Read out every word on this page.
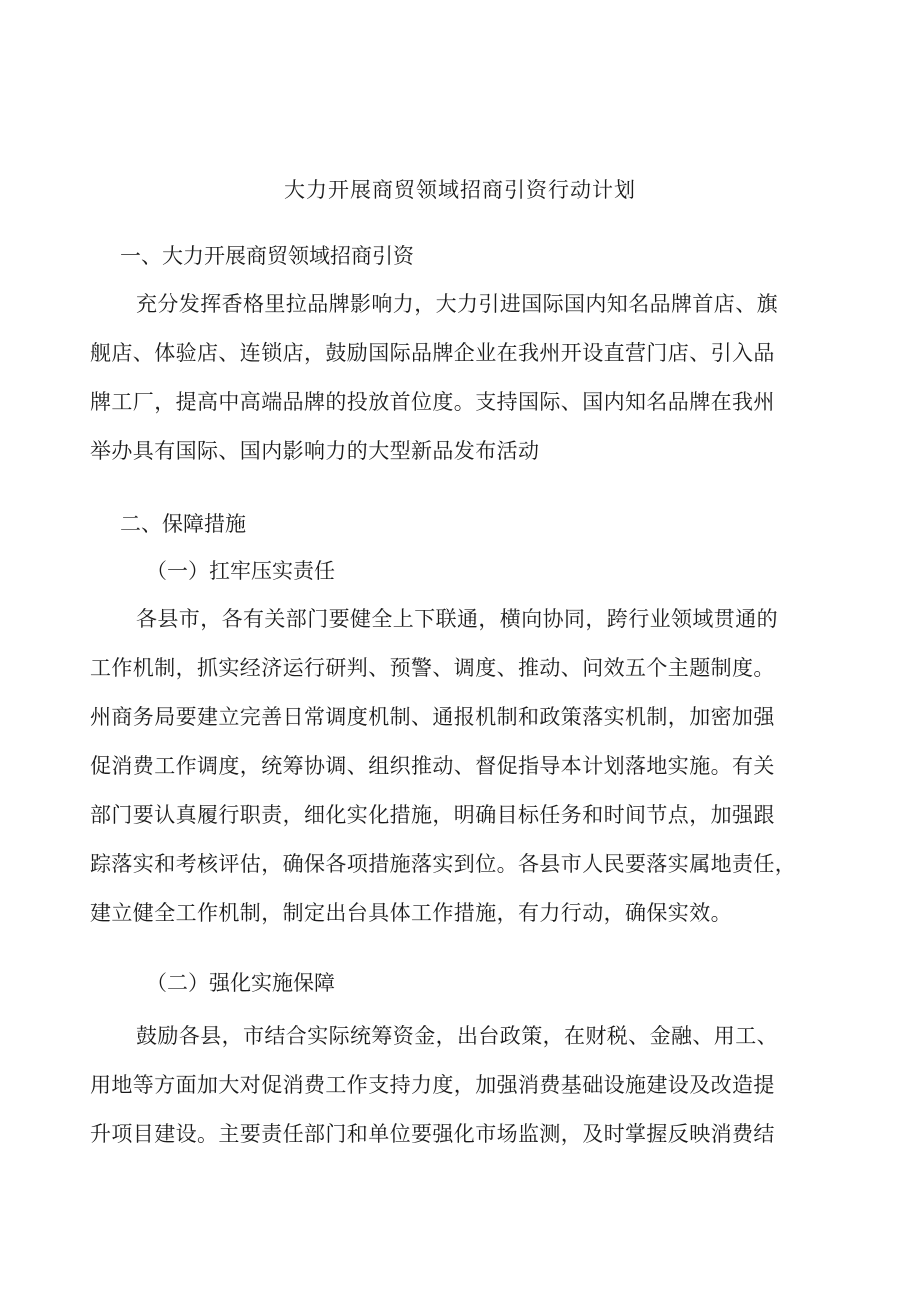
大力开展商贸领域招商引资行动计划
一、大力开展商贸领域招商引资

充分发挥香格里拉品牌影响力，大力引进国际国内知名品牌首店、旗

舰店、体验店、连锁店，鼓励国际品牌企业在我州开设直营门店、引入品

牌工厂，提高中高端品牌的投放首位度。支持国际、国内知名品牌在我州

举办具有国际、国内影响力的大型新品发布活动

二、保障措施
（一）扛牢压实责任

各县市，各有关部门要健全上下联通，横向协同，跨行业领域贯通的

工作机制，抓实经济运行研判、预警、调度、推动、问效五个主题制度。

州商务局要建立完善日常调度机制、通报机制和政策落实机制，加密加强

促消费工作调度，统筹协调、组织推动、督促指导本计划落地实施。有关

部门要认真履行职责，细化实化措施，明确目标任务和时间节点，加强跟

踪落实和考核评估，确保各项措施落实到位。各县市人民要落实属地责任，

建立健全工作机制，制定出台具体工作措施，有力行动，确保实效。

（二）强化实施保障

鼓励各县，市结合实际统筹资金，出台政策，在财税、金融、用工、

用地等方面加大对促消费工作支持力度，加强消费基础设施建设及改造提

升项目建设。主要责任部门和单位要强化市场监测，及时掌握反映消费结
